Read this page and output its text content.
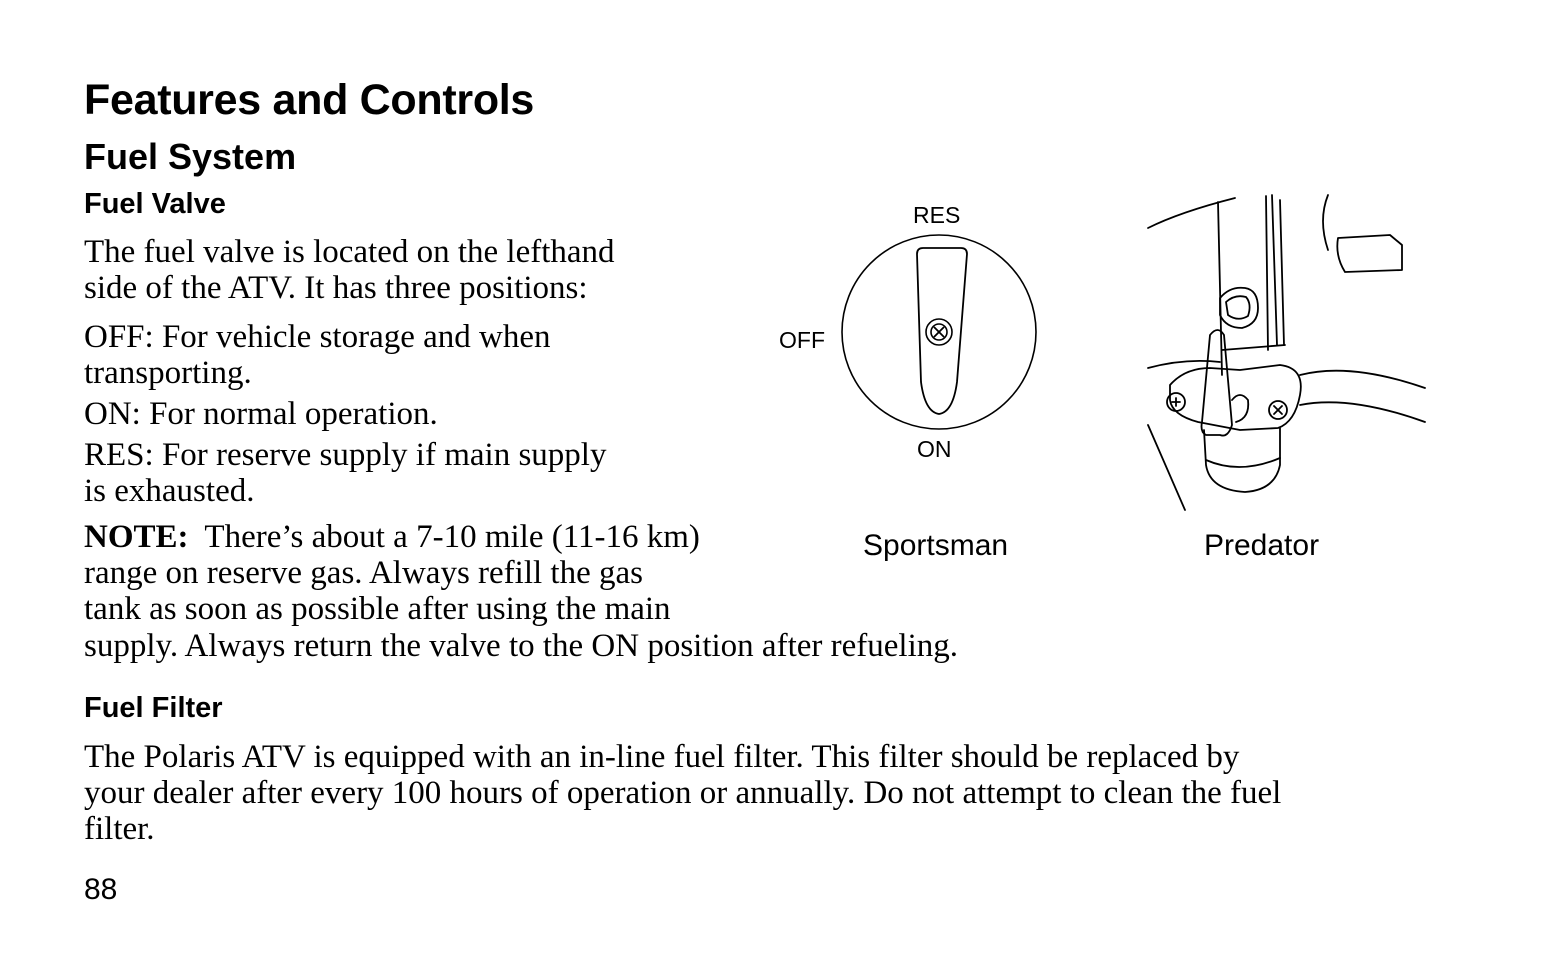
Features and Controls
Fuel System
Fuel Valve
The fuel valve is located on the lefthand
side of the ATV. It has three positions:
OFF: For vehicle storage and when
transporting.
ON: For normal operation.
RES: For reserve supply if main supply
is exhausted.
NOTE:  There’s about a 7-10 mile (11-16 km)
range on reserve gas. Always refill the gas
tank as soon as possible after using the main
supply. Always return the valve to the ON position after refueling.
RES
OFF
ON
Sportsman	Predator
Fuel Filter
The Polaris ATV is equipped with an in-line fuel filter. This filter should be replaced by
your dealer after every 100 hours of operation or annually. Do not attempt to clean the fuel
filter.
88
